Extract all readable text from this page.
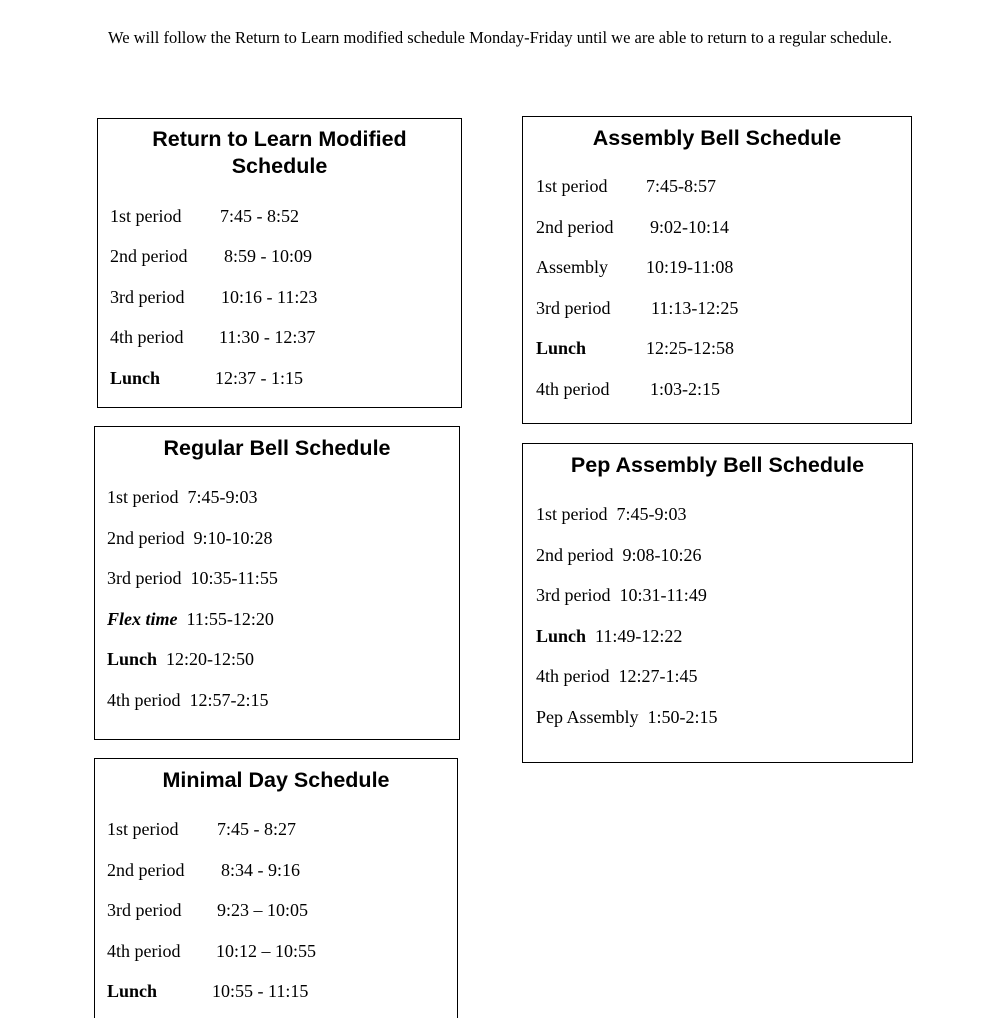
We will follow the Return to Learn modified schedule Monday-Friday until we are able to return to a regular schedule.
Return to Learn Modified
Schedule
1st period 7:45 - 8:52
2nd period 8:59 - 10:09
3rd period 10:16 - 11:23
4th period 11:30 - 12:37
Lunch	12:37 - 1:15
Assembly Bell Schedule
1st period 7:45-8:57
2nd period 9:02-10:14
Assembly 10:19-11:08
3rd period 11:13-12:25
Lunch	12:25-12:58
4th period 1:03-2:15
Regular Bell Schedule
1st period 7:45-9:03
2nd period 9:10-10:28
3rd period 10:35-11:55
Flex time 11:55-12:20
Lunch 12:20-12:50
4th period 12:57-2:15
Pep Assembly Bell Schedule
1st period 7:45-9:03
2nd period 9:08-10:26
3rd period 10:31-11:49
Lunch 11:49-12:22
4th period 12:27-1:45
Pep Assembly 1:50-2:15
Minimal Day Schedule
1st period 7:45 - 8:27
2nd period 8:34 - 9:16
3rd period 9:23 – 10:05
4th period 10:12 – 10:55
Lunch	10:55 - 11:15
